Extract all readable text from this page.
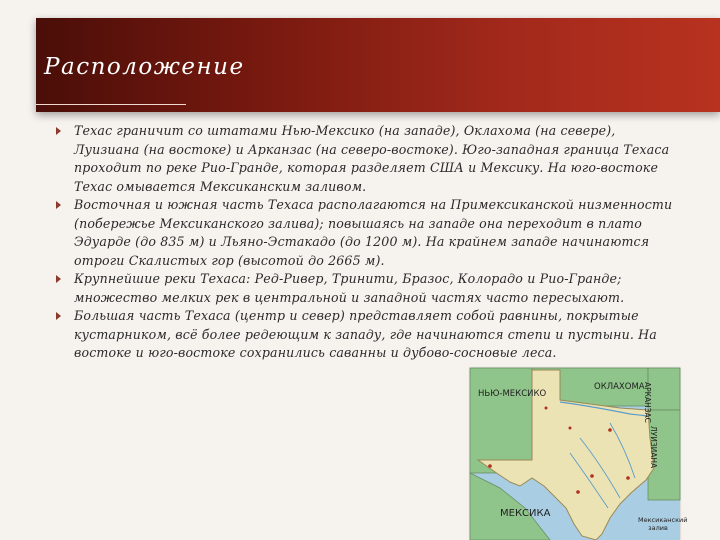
Расположение
Техас граничит со штатами Нью-Мексико (на западе), Оклахома (на севере), Луизиана (на востоке) и Арканзас (на северо-востоке). Юго-западная граница Техаса проходит по реке Рио-Гранде, которая разделяет США и Мексику. На юго-востоке Техас омывается Мексиканским заливом.
Восточная и южная часть Техаса располагаются на Примексиканской низменности (побережье Мексиканского залива); повышаясь на западе она переходит в плато Эдуарде (до 835 м) и Льяно-Эстакадо (до 1200 м). На крайнем западе начинаются отроги Скалистых гор (высотой до 2665 м).
Крупнейшие реки Техаса: Ред-Ривер, Тринити, Бразос, Колорадо и Рио-Гранде; множество мелких рек в центральной и западной частях часто пересыхают.
Большая часть Техаса (центр и север) представляет собой равнины, покрытые кустарником, всё более редеющим к западу, где начинаются степи и пустыни. На востоке и юго-востоке сохранились саванны и дубово-сосновые леса.
НЬЮ-МЕКСИКО
ОКЛАХОМА
МЕКСИКА
АРКАНЗАС
ЛУИЗИАНА
Мексиканский залив
